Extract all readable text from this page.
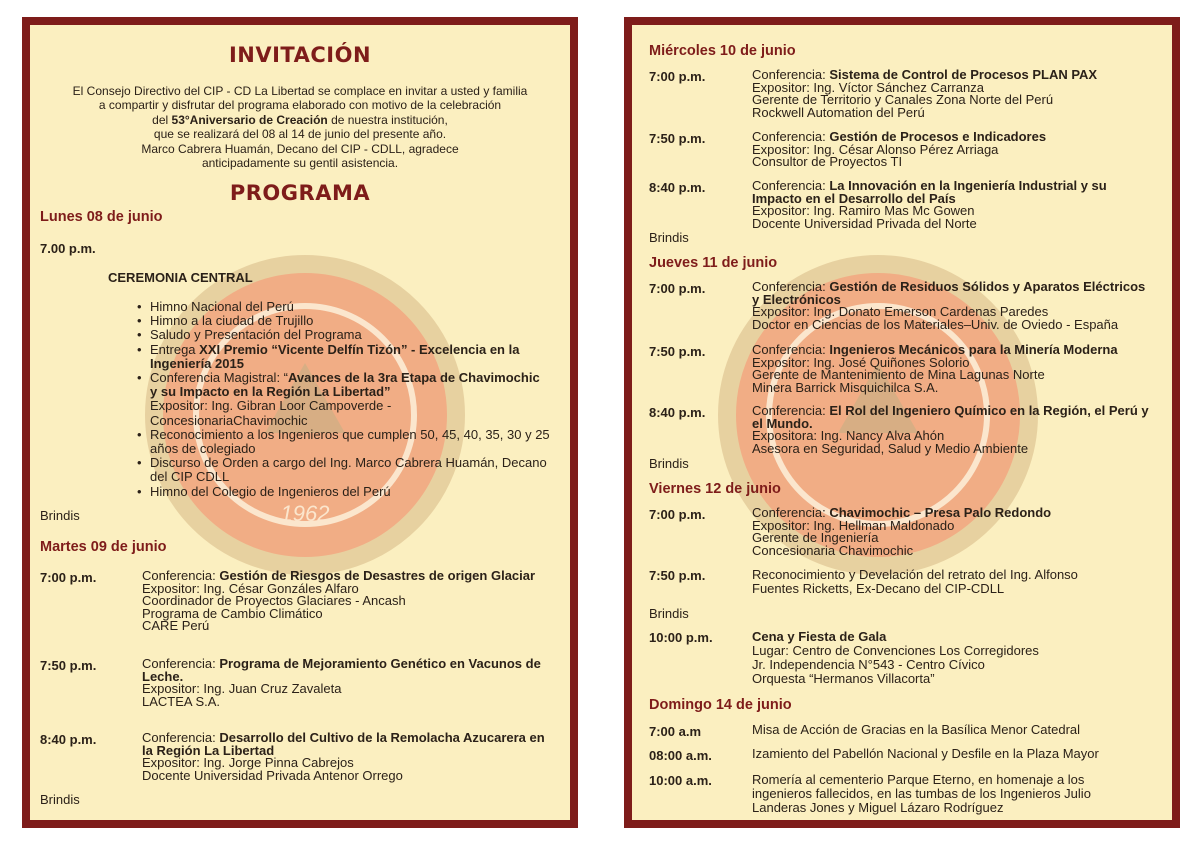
1962
INVITACIÓN
El Consejo Directivo del CIP - CD La Libertad se complace en invitar a usted y familia
a compartir y disfrutar del programa elaborado con motivo de la celebración
del 53°Aniversario de Creación de nuestra institución,
que se realizará del 08 al 14 de junio del presente año.
Marco Cabrera Huamán, Decano del CIP - CDLL, agradece
anticipadamente su gentil asistencia.
PROGRAMA
Lunes 08 de junio
7.00 p.m.
CEREMONIA CENTRAL
• Himno Nacional del Perú
• Himno a la ciudad de Trujillo
• Saludo y Presentación del Programa
• Entrega XXI Premio “Vicente Delfín Tizón” - Excelencia en la Ingeniería 2015
• Conferencia Magistral: “Avances de la 3ra Etapa de Chavimochic y su Impacto en la Región La Libertad”
Expositor: Ing. Gibran Loor Campoverde - ConcesionariaChavimochic
• Reconocimiento a los Ingenieros que cumplen 50, 45, 40, 35, 30 y 25 años de colegiado
• Discurso de Orden a cargo del Ing. Marco Cabrera Huamán, Decano del CIP CDLL
• Himno del Colegio de Ingenieros del Perú
Brindis
Martes 09 de junio
7:00 p.m.	Conferencia: Gestión de Riesgos de Desastres de origen Glaciar
Expositor: Ing. César Gonzáles Alfaro
Coordinador de Proyectos Glaciares - Ancash
Programa de Cambio Climático
CARE Perú
7:50 p.m.	Conferencia: Programa de Mejoramiento Genético en Vacunos de Leche.
Expositor: Ing. Juan Cruz Zavaleta
LACTEA S.A.
8:40 p.m.	Conferencia: Desarrollo del Cultivo de la Remolacha Azucarera en la Región La Libertad
Expositor: Ing. Jorge Pinna Cabrejos
Docente Universidad Privada Antenor Orrego
Brindis
Miércoles 10 de junio
7:00 p.m.	Conferencia: Sistema de Control de Procesos PLAN PAX
Expositor: Ing. Víctor Sánchez Carranza
Gerente de Territorio y Canales Zona Norte del Perú
Rockwell Automation del Perú
7:50 p.m.	Conferencia: Gestión de Procesos e Indicadores
Expositor: Ing. César Alonso Pérez Arriaga
Consultor de Proyectos TI
8:40 p.m.	Conferencia: La Innovación en la Ingeniería Industrial y su Impacto en el Desarrollo del País
Expositor: Ing. Ramiro Mas Mc Gowen
Docente Universidad Privada del Norte
Brindis
Jueves 11 de junio
7:00 p.m.	Conferencia: Gestión de Residuos Sólidos y Aparatos Eléctricos y Electrónicos
Expositor: Ing. Donato Emerson Cardenas Paredes
Doctor en Ciencias de los Materiales–Univ. de Oviedo - España
7:50 p.m.	Conferencia: Ingenieros Mecánicos para la Minería Moderna
Expositor: Ing. José Quiñones Solorio
Gerente de Mantenimiento de Mina Lagunas Norte
Minera Barrick Misquichilca S.A.
8:40 p.m.	Conferencia: El Rol del Ingeniero Químico en la Región, el Perú y el Mundo.
Expositora: Ing. Nancy Alva Ahón
Asesora en Seguridad, Salud y Medio Ambiente
Brindis
Viernes 12 de junio
7:00 p.m.	Conferencia: Chavimochic – Presa Palo Redondo
Expositor: Ing. Hellman Maldonado
Gerente de Ingeniería
Concesionaria Chavimochic
7:50 p.m.	Reconocimiento y Develación del retrato del Ing. Alfonso Fuentes Ricketts, Ex-Decano del CIP-CDLL
Brindis
10:00 p.m.	Cena y Fiesta de Gala
Lugar: Centro de Convenciones Los Corregidores
Jr. Independencia N°543 - Centro Cívico
Orquesta “Hermanos Villacorta”
Domingo 14 de junio
7:00 a.m	Misa de Acción de Gracias en la Basílica Menor Catedral
08:00 a.m.	Izamiento del Pabellón Nacional y Desfile en la Plaza Mayor
10:00 a.m.	Romería al cementerio Parque Eterno, en homenaje a los ingenieros fallecidos, en las tumbas de los Ingenieros Julio Landeras Jones y Miguel Lázaro Rodríguez
